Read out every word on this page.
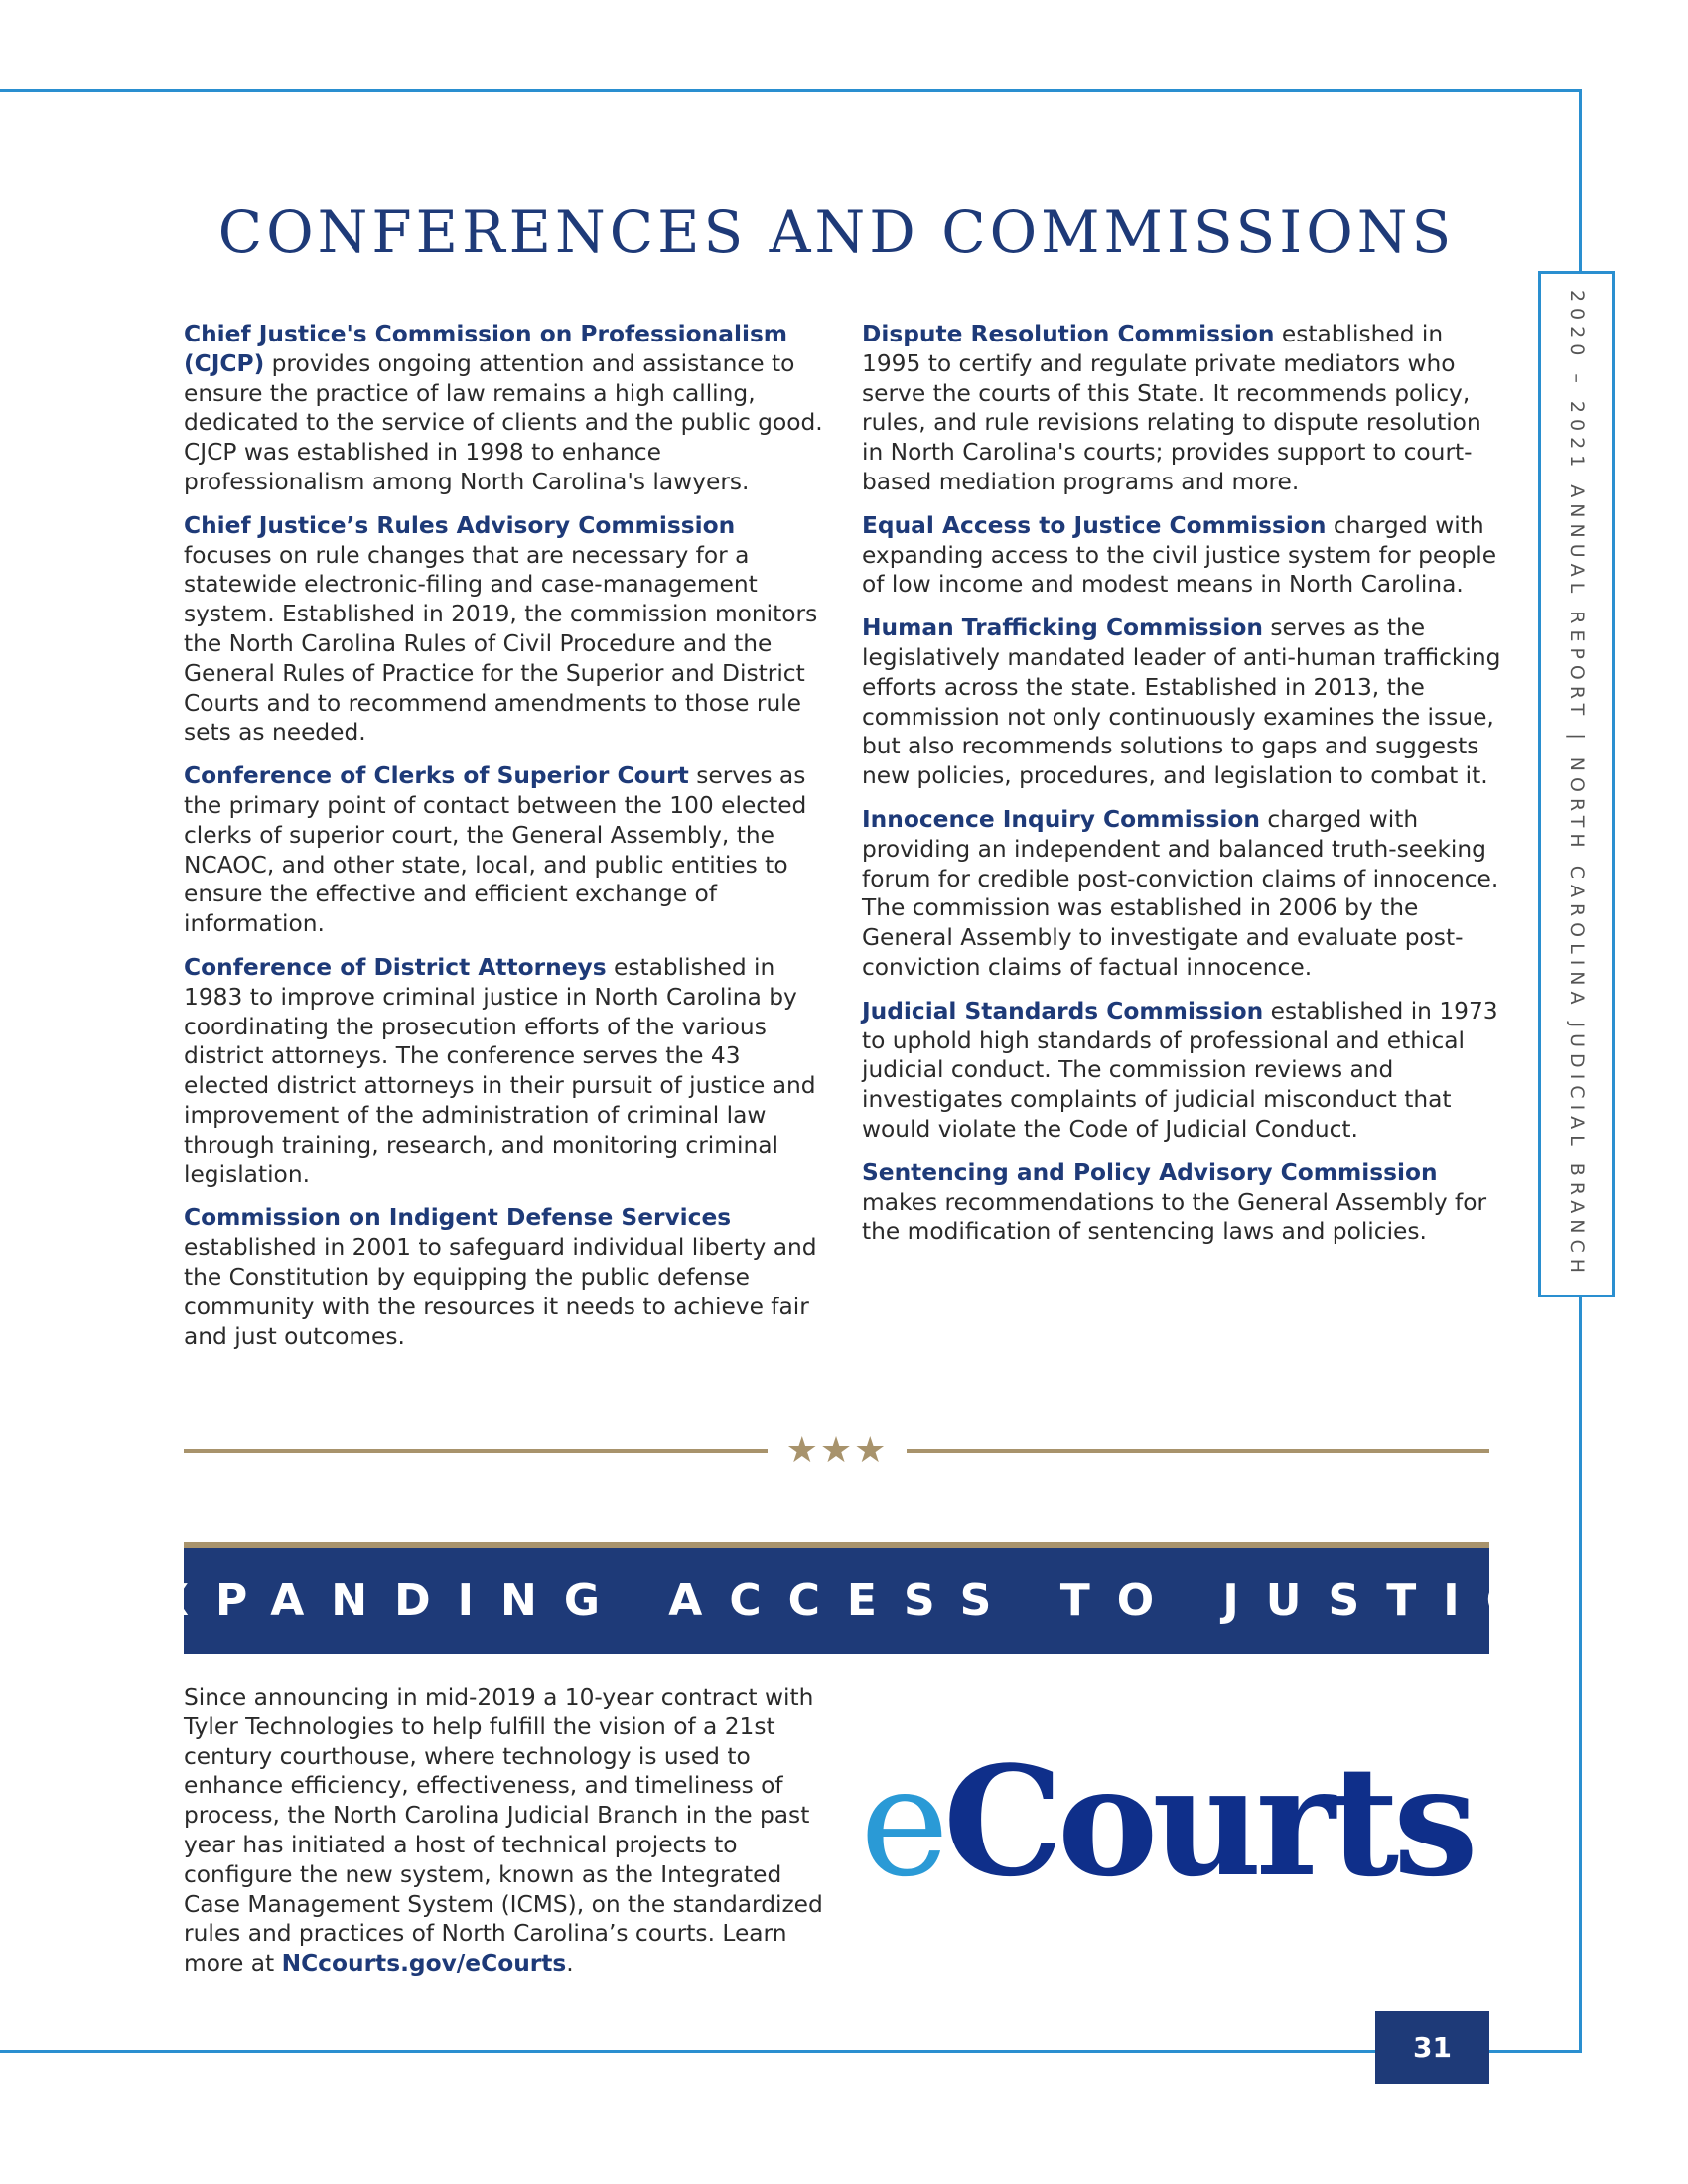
2020 – 2021 ANNUAL REPORT | NORTH CAROLINA JUDICIAL BRANCH
CONFERENCES AND COMMISSIONS

Chief Justice's Commission on Professionalism (CJCP) provides ongoing attention and assistance to ensure the practice of law remains a high calling, dedicated to the service of clients and the public good. CJCP was established in 1998 to enhance professionalism among North Carolina's lawyers.

Chief Justice’s Rules Advisory Commission focuses on rule changes that are necessary for a statewide electronic-filing and case-management system. Established in 2019, the commission monitors the North Carolina Rules of Civil Procedure and the General Rules of Practice for the Superior and District Courts and to recommend amendments to those rule sets as needed.

Conference of Clerks of Superior Court serves as the primary point of contact between the 100 elected clerks of superior court, the General Assembly, the NCAOC, and other state, local, and public entities to ensure the effective and efficient exchange of information.

Conference of District Attorneys established in 1983 to improve criminal justice in North Carolina by coordinating the prosecution efforts of the various district attorneys. The conference serves the 43 elected district attorneys in their pursuit of justice and improvement of the administration of criminal law through training, research, and monitoring criminal legislation.

Commission on Indigent Defense Services established in 2001 to safeguard individual liberty and the Constitution by equipping the public defense community with the resources it needs to achieve fair and just outcomes.

Dispute Resolution Commission established in 1995 to certify and regulate private mediators who serve the courts of this State. It recommends policy, rules, and rule revisions relating to dispute resolution in North Carolina's courts; provides support to court-based mediation programs and more.

Equal Access to Justice Commission charged with expanding access to the civil justice system for people of low income and modest means in North Carolina.

Human Trafficking Commission serves as the legislatively mandated leader of anti-human trafficking efforts across the state. Established in 2013, the commission not only continuously examines the issue, but also recommends solutions to gaps and suggests new policies, procedures, and legislation to combat it.

Innocence Inquiry Commission charged with providing an independent and balanced truth-seeking forum for credible post-conviction claims of innocence. The commission was established in 2006 by the General Assembly to investigate and evaluate post-conviction claims of factual innocence.

Judicial Standards Commission established in 1973 to uphold high standards of professional and ethical judicial conduct. The commission reviews and investigates complaints of judicial misconduct that would violate the Code of Judicial Conduct.

Sentencing and Policy Advisory Commission makes recommendations to the General Assembly for the modification of sentencing laws and policies.

★★★
EXPANDING ACCESS TO JUSTICE

Since announcing in mid-2019 a 10-year contract with Tyler Technologies to help fulfill the vision of a 21st century courthouse, where technology is used to enhance efficiency, effectiveness, and timeliness of process, the North Carolina Judicial Branch in the past year has initiated a host of technical projects to configure the new system, known as the Integrated Case Management System (ICMS), on the standardized rules and practices of North Carolina’s courts. Learn more at NCcourts.gov/eCourts.

eCourts
31
